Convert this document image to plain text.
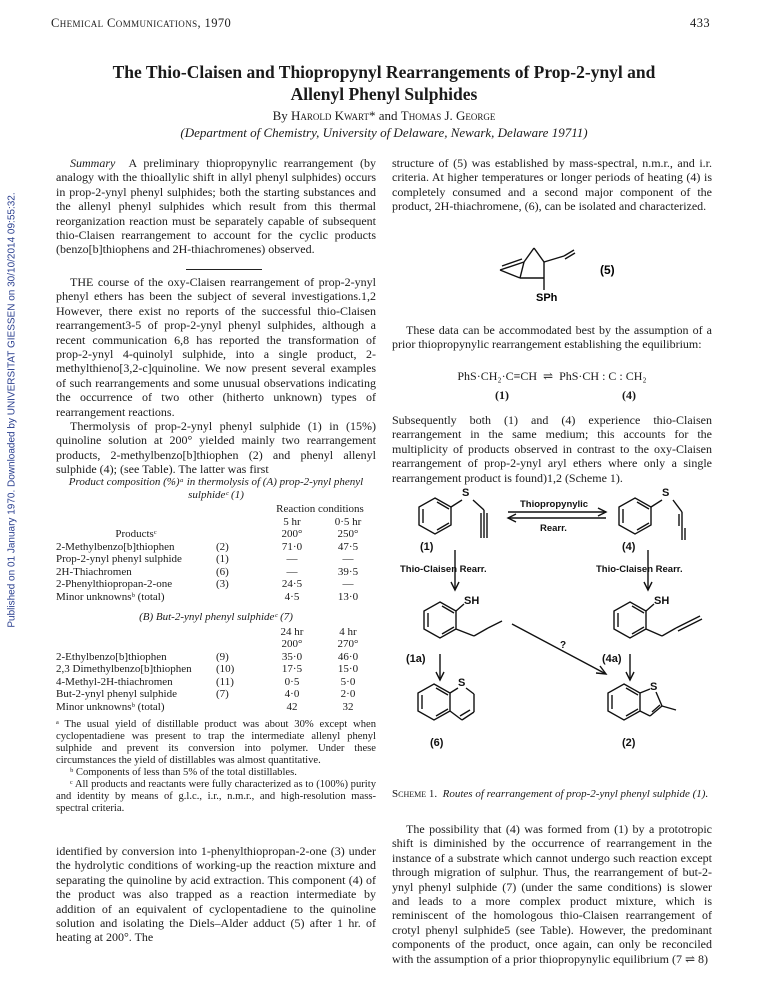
Chemical Communications, 1970	433
Published on 01 January 1970. Downloaded by UNIVERSITAT GIESSEN on 30/10/2014 09:55:32.
The Thio-Claisen and Thiopropynyl Rearrangements of Prop-2-ynyl and
Allenyl Phenyl Sulphides
By Harold Kwart* and Thomas J. George
(Department of Chemistry, University of Delaware, Newark, Delaware 19711)

Summary A preliminary thiopropynylic rearrangement (by analogy with the thioallylic shift in allyl phenyl sulphides) occurs in prop-2-ynyl phenyl sulphides; both the starting substances and the allenyl phenyl sulphides which result from this thermal reorganization reaction must be separately capable of subsequent thio-Claisen rearrangement to account for the cyclic products (benzo[b]thiophens and 2H-thiachromenes) observed.

THE course of the oxy-Claisen rearrangement of prop-2-ynyl phenyl ethers has been the subject of several investigations.1,2 However, there exist no reports of the successful thio-Claisen rearrangement3-5 of prop-2-ynyl phenyl sulphides, although a recent communication 6,8 has reported the transformation of prop-2-ynyl 4-quinolyl sulphide, into a single product, 2-methylthieno[3,2-c]quinoline. We now present several examples of such rearrangements and some unusual observations indicating the occurrence of two other (hitherto unknown) types of rearrangement reactions.

Thermolysis of prop-2-ynyl phenyl sulphide (1) in (15%) quinoline solution at 200° yielded mainly two rearrangement products, 2-methylbenzo[b]thiophen (2) and phenyl allenyl sulphide (4); (see Table). The latter was first

Product composition (%)ᵃ in thermolysis of (A) prop-2-ynyl phenyl sulphideᶜ (1)
		Reaction conditions	
		5 hr	0·5 hr
Productsᶜ		200°	250°
2-Methylbenzo[b]thiophen	(2)	71·0	47·5
Prop-2-ynyl phenyl sulphide	(1)	—	—
2H-Thiachromen	(6)	—	39·5
2-Phenylthiopropan-2-one	(3)	24·5	—
Minor unknownsᵇ (total)		4·5	13·0
(B) But-2-ynyl phenyl sulphideᶜ (7)
		24 hr	4 hr
		200°	270°
2-Ethylbenzo[b]thiophen	(9)	35·0	46·0
2,3 Dimethylbenzo[b]thiophen	(10)	17·5	15·0
4-Methyl-2H-thiachromen	(11)	0·5	5·0
But-2-ynyl phenyl sulphide	(7)	4·0	2·0
Minor unknownsᵇ (total)		42	32

ᵃ The usual yield of distillable product was about 30% except when cyclopentadiene was present to trap the intermediate allenyl phenyl sulphide and prevent its conversion into polymer. Under these circumstances the yield of distillables was almost quantitative.

ᵇ Components of less than 5% of the total distillables.

ᶜ All products and reactants were fully characterized as to (100%) purity and identity by means of g.l.c., i.r., n.m.r., and high-resolution mass-spectral criteria.

identified by conversion into 1-phenylthiopropan-2-one (3) under the hydrolytic conditions of working-up the reaction mixture and separating the quinoline by acid extraction. This component (4) of the product was also trapped as a reaction intermediate by addition of an equivalent of cyclopentadiene to the quinoline solution and isolating the Diels–Alder adduct (5) after 1 hr. of heating at 200°. The

structure of (5) was established by mass-spectral, n.m.r., and i.r. criteria. At higher temperatures or longer periods of heating (4) is completely consumed and a second major component of the product, 2H-thiachromene, (6), can be isolated and characterized.

SPh
(5)

These data can be accommodated best by the assumption of a prior thiopropynylic rearrangement establishing the equilibrium:

PhS·CH₂·C≡CH ⇌ PhS·CH : C : CH₂
(1)	(4)

Subsequently both (1) and (4) experience thio-Claisen rearrangement in the same medium; this accounts for the multiplicity of products observed in contrast to the oxy-Claisen rearrangement of prop-2-ynyl aryl ethers where only a single rearrangement product is found)1,2 (Scheme 1).

S	S
Thiopropynylic
Rearr.
(1)	(4)
Thio-Claisen Rearr.	Thio-Claisen Rearr.
SH	SH
?
(1a)	(4a)
S	S
(6)	(2)

Scheme 1. Routes of rearrangement of prop-2-ynyl phenyl sulphide (1).

The possibility that (4) was formed from (1) by a prototropic shift is diminished by the occurrence of rearrangement in the instance of a substrate which cannot undergo such reaction except through migration of sulphur. Thus, the rearrangement of but-2-ynyl phenyl sulphide (7) (under the same conditions) is slower and leads to a more complex product mixture, which is reminiscent of the homologous thio-Claisen rearrangement of crotyl phenyl sulphide5 (see Table). However, the predominant components of the product, once again, can only be reconciled with the assumption of a prior thiopropynylic equilibrium (7 ⇌ 8)
